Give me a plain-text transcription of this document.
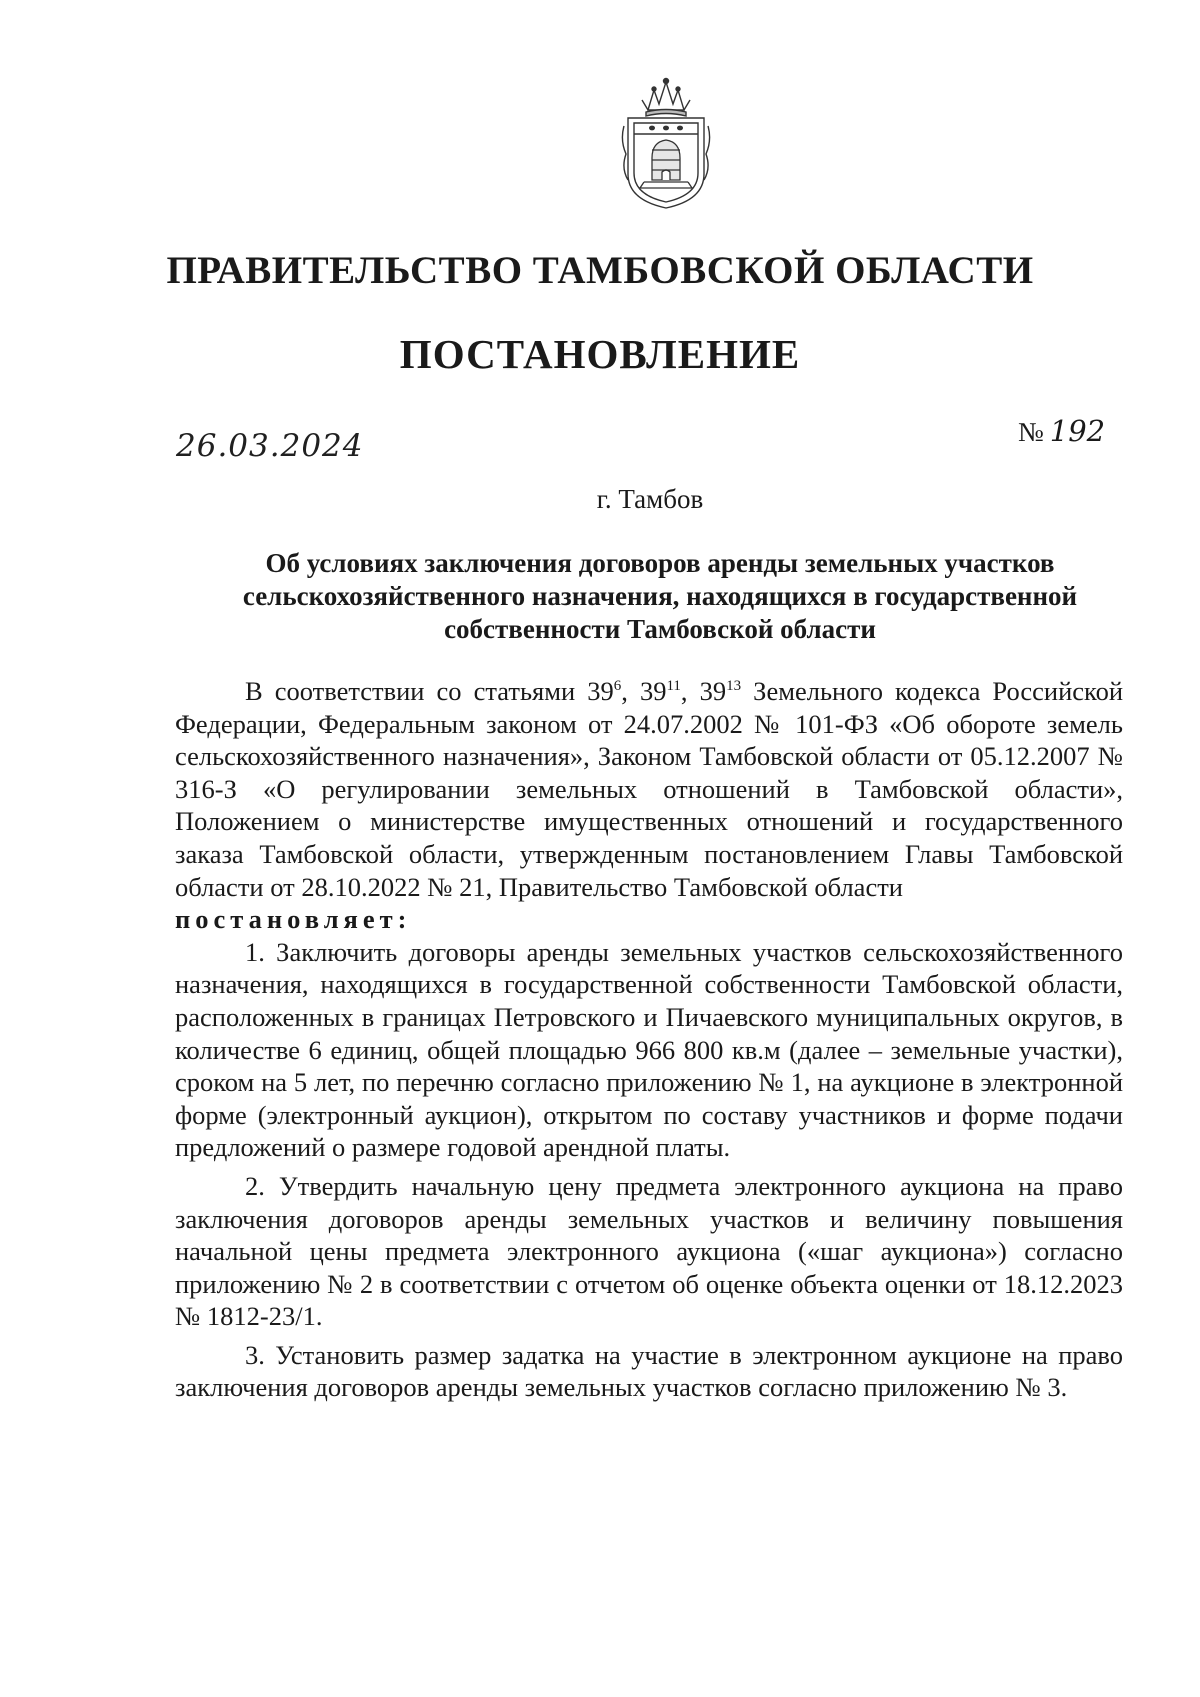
ПРАВИТЕЛЬСТВО ТАМБОВСКОЙ ОБЛАСТИ
ПОСТАНОВЛЕНИЕ
26.03.2024	№ 192
г. Тамбов
Об условиях заключения договоров аренды земельных участков сельскохозяйственного назначения, находящихся в государственной собственности Тамбовской области

В соответствии со статьями $39^6$, $39^{11}$, $39^{13}$ Земельного кодекса Российской Федерации, Федеральным законом от 24.07.2002 № 101-ФЗ «Об обороте земель сельскохозяйственного назначения», Законом Тамбовской области от 05.12.2007 № 316-З «О регулировании земельных отношений в Тамбовской области», Положением о министерстве имущественных отношений и государственного заказа Тамбовской области, утвержденным постановлением Главы Тамбовской области от 28.10.2022 № 21, Правительство Тамбовской области

постановляет:

1. Заключить договоры аренды земельных участков сельскохозяйственного назначения, находящихся в государственной собственности Тамбовской области, расположенных в границах Петровского и Пичаевского муниципальных округов, в количестве 6 единиц, общей площадью 966 800 кв.м (далее – земельные участки), сроком на 5 лет, по перечню согласно приложению № 1, на аукционе в электронной форме (электронный аукцион), открытом по составу участников и форме подачи предложений о размере годовой арендной платы.

2. Утвердить начальную цену предмета электронного аукциона на право заключения договоров аренды земельных участков и величину повышения начальной цены предмета электронного аукциона («шаг аукциона») согласно приложению № 2 в соответствии с отчетом об оценке объекта оценки от 18.12.2023 № 1812-23/1.

3. Установить размер задатка на участие в электронном аукционе на право заключения договоров аренды земельных участков согласно приложению № 3.
